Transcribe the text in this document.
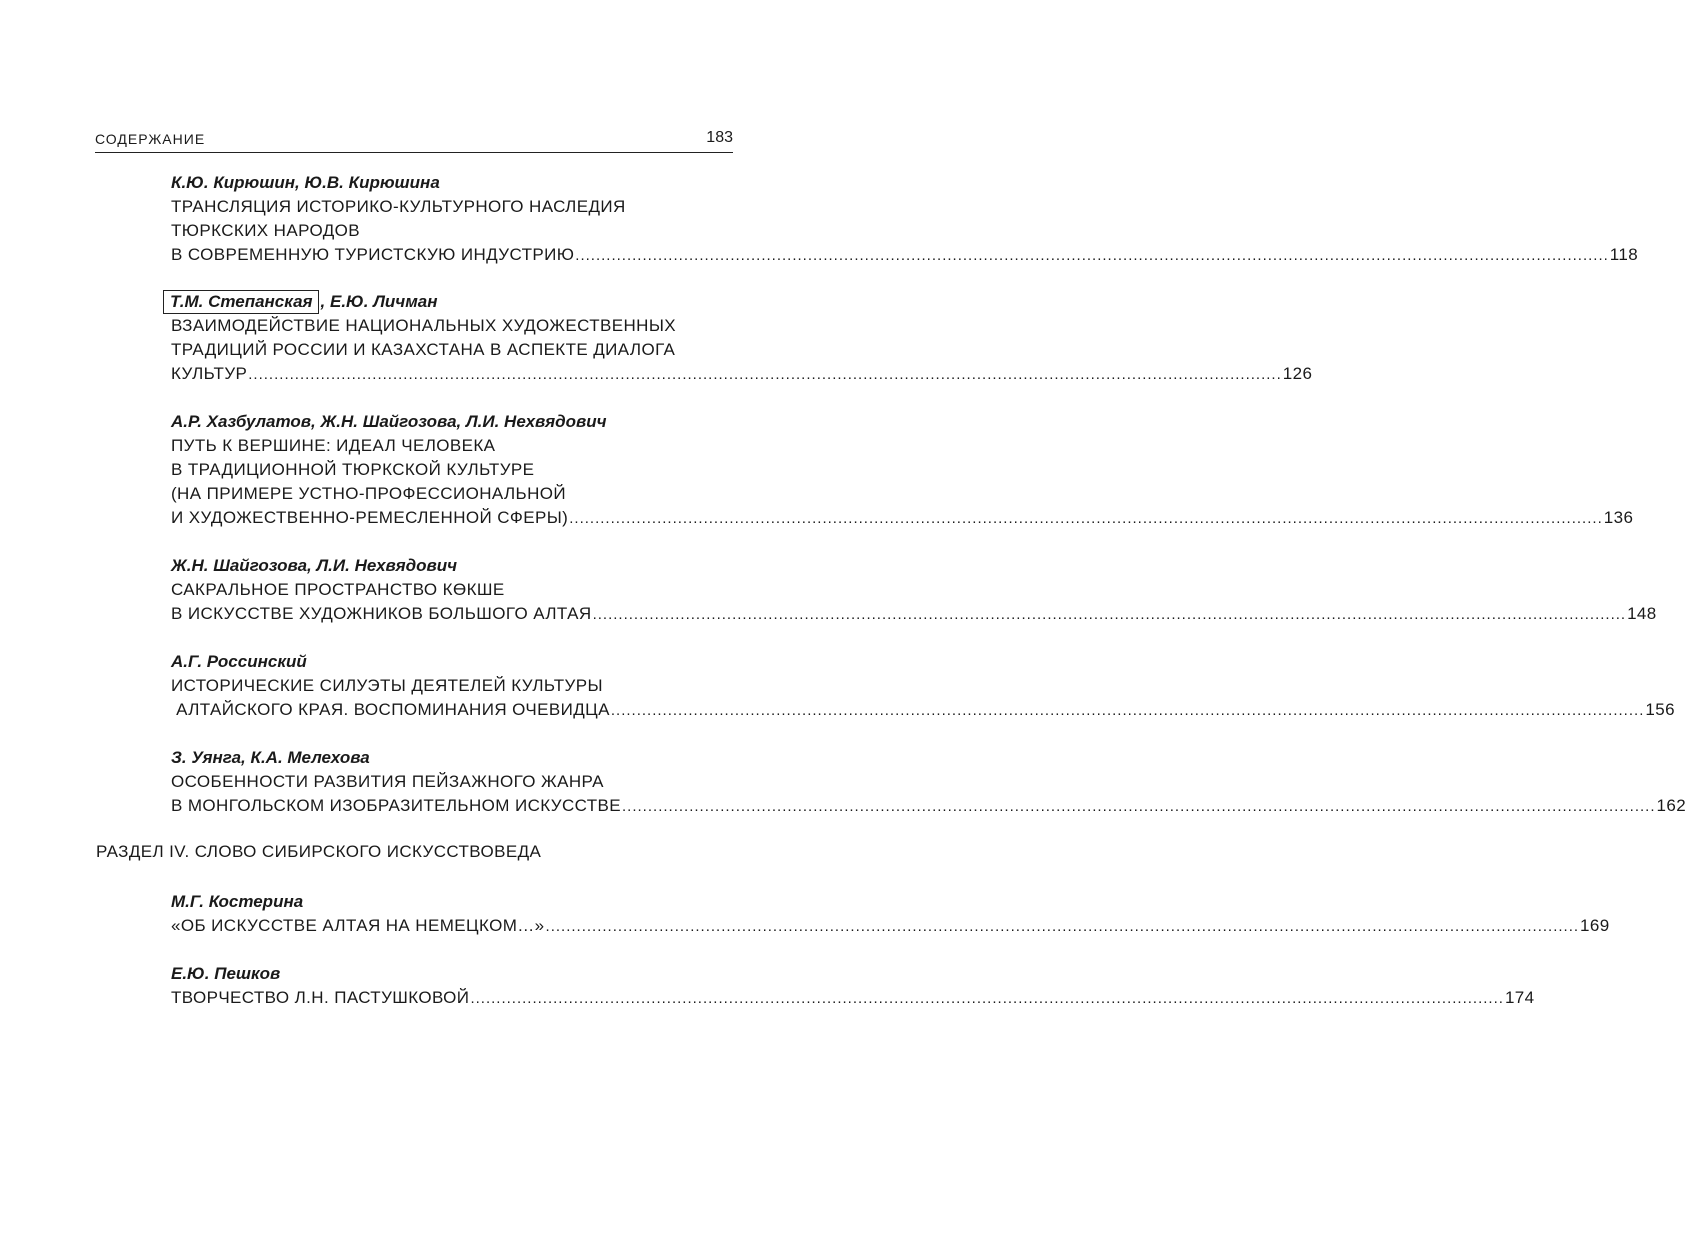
СОДЕРЖАНИЕ	183
К.Ю. Кирюшин, Ю.В. Кирюшина
ТРАНСЛЯЦИЯ ИСТОРИКО-КУЛЬТУРНОГО НАСЛЕДИЯ
ТЮРКСКИХ НАРОДОВ
В СОВРЕМЕННУЮ ТУРИСТСКУЮ ИНДУСТРИЮ ........................................................................................................................................................................................................ 118
Т.М. Степанская , Е.Ю. Личман
ВЗАИМОДЕЙСТВИЕ НАЦИОНАЛЬНЫХ ХУДОЖЕСТВЕННЫХ
ТРАДИЦИЙ РОССИИ И КАЗАХСТАНА В АСПЕКТЕ ДИАЛОГА
КУЛЬТУР ........................................................................................................................................................................................................ 126
А.Р. Хазбулатов, Ж.Н. Шайгозова, Л.И. Нехвядович
ПУТЬ К ВЕРШИНЕ: ИДЕАЛ ЧЕЛОВЕКА
В ТРАДИЦИОННОЙ ТЮРКСКОЙ КУЛЬТУРЕ
(НА ПРИМЕРЕ УСТНО-ПРОФЕССИОНАЛЬНОЙ
И ХУДОЖЕСТВЕННО-РЕМЕСЛЕННОЙ СФЕРЫ) ........................................................................................................................................................................................................ 136
Ж.Н. Шайгозова, Л.И. Нехвядович
САКРАЛЬНОЕ ПРОСТРАНСТВО КӨКШЕ
В ИСКУССТВЕ ХУДОЖНИКОВ БОЛЬШОГО АЛТАЯ ........................................................................................................................................................................................................ 148
А.Г. Россинский
ИСТОРИЧЕСКИЕ СИЛУЭТЫ ДЕЯТЕЛЕЙ КУЛЬТУРЫ
АЛТАЙСКОГО КРАЯ. ВОСПОМИНАНИЯ ОЧЕВИДЦА ........................................................................................................................................................................................................ 156
З. Уянга, К.А. Мелехова
ОСОБЕННОСТИ РАЗВИТИЯ ПЕЙЗАЖНОГО ЖАНРА
В МОНГОЛЬСКОМ ИЗОБРАЗИТЕЛЬНОМ ИСКУССТВЕ ........................................................................................................................................................................................................ 162
РАЗДЕЛ IV. СЛОВО СИБИРСКОГО ИСКУССТВОВЕДА
М.Г. Костерина
«ОБ ИСКУССТВЕ АЛТАЯ НА НЕМЕЦКОМ…» ........................................................................................................................................................................................................ 169
Е.Ю. Пешков
ТВОРЧЕСТВО Л.Н. ПАСТУШКОВОЙ ........................................................................................................................................................................................................ 174
